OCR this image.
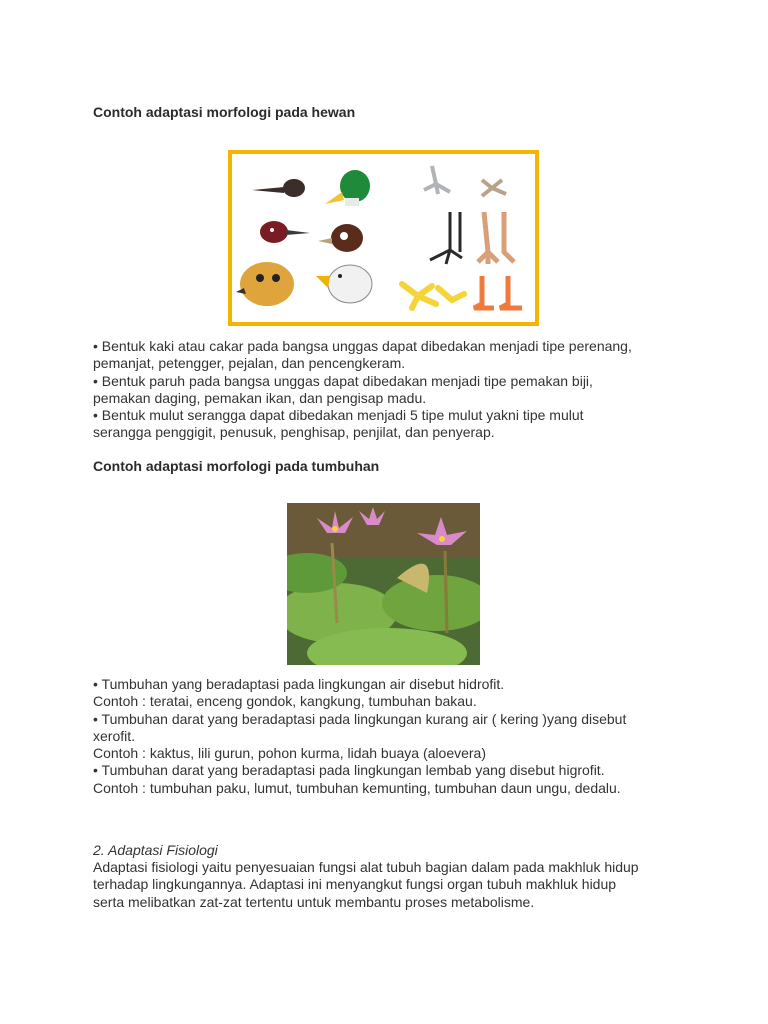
Contoh adaptasi morfologi pada hewan
• Bentuk kaki atau cakar pada bangsa unggas dapat dibedakan menjadi tipe perenang,
pemanjat, petengger, pejalan, dan pencengkeram.
• Bentuk paruh pada bangsa unggas dapat dibedakan menjadi tipe pemakan biji,
pemakan daging, pemakan ikan, dan pengisap madu.
• Bentuk mulut serangga dapat dibedakan menjadi 5 tipe mulut yakni tipe mulut
serangga penggigit, penusuk, penghisap, penjilat, dan penyerap.
Contoh adaptasi morfologi pada tumbuhan
• Tumbuhan yang beradaptasi pada lingkungan air disebut hidrofit.
Contoh : teratai, enceng gondok, kangkung, tumbuhan bakau.
• Tumbuhan darat yang beradaptasi pada lingkungan kurang air ( kering )yang disebut
xerofit.
Contoh : kaktus, lili gurun, pohon kurma, lidah buaya (aloevera)
• Tumbuhan darat yang beradaptasi pada lingkungan lembab yang disebut higrofit.
Contoh : tumbuhan paku, lumut, tumbuhan kemunting, tumbuhan daun ungu, dedalu.
2. Adaptasi Fisiologi
Adaptasi fisiologi yaitu penyesuaian fungsi alat tubuh bagian dalam pada makhluk hidup
terhadap lingkungannya. Adaptasi ini menyangkut fungsi organ tubuh makhluk hidup
serta melibatkan zat-zat tertentu untuk membantu proses metabolisme.
